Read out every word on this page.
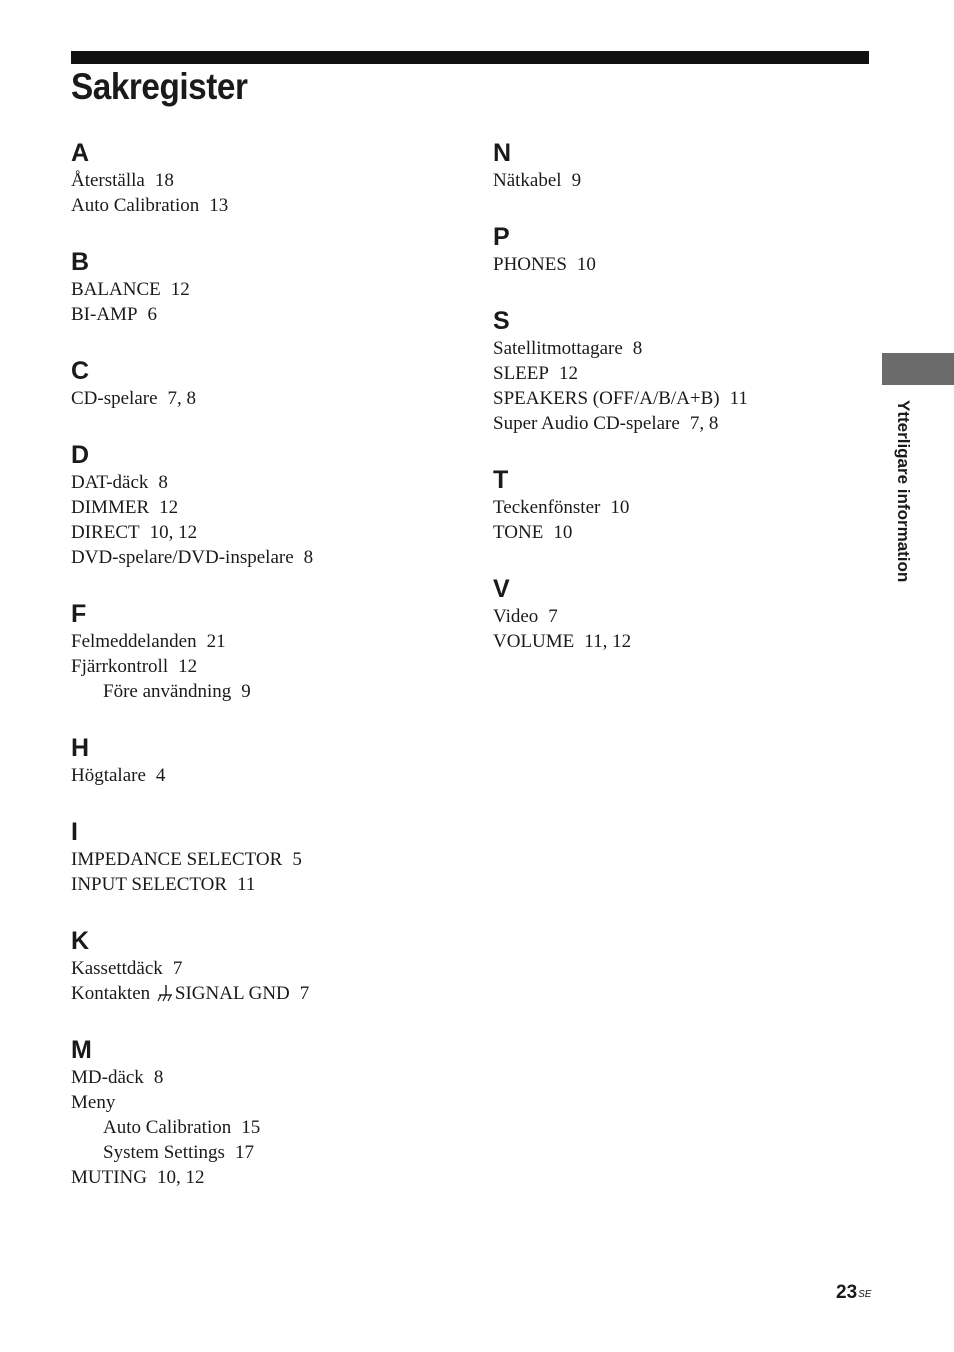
Sakregister
A
Återställa 18
Auto Calibration 13
B
BALANCE 12
BI-AMP 6
C
CD-spelare 7, 8
D
DAT-däck 8
DIMMER 12
DIRECT 10, 12
DVD-spelare/DVD-inspelare 8
F
Felmeddelanden 21
Fjärrkontroll 12
Före användning 9
H
Högtalare 4
I
IMPEDANCE SELECTOR 5
INPUT SELECTOR 11
K
Kassettdäck 7
Kontakten SIGNAL GND 7
M
MD-däck 8
Meny
Auto Calibration 15
System Settings 17
MUTING 10, 12
N
Nätkabel 9
P
PHONES 10
S
Satellitmottagare 8
SLEEP 12
SPEAKERS (OFF/A/B/A+B) 11
Super Audio CD-spelare 7, 8
T
Teckenfönster 10
TONE 10
V
Video 7
VOLUME 11, 12
Ytterligare information
$23^{SE}$
